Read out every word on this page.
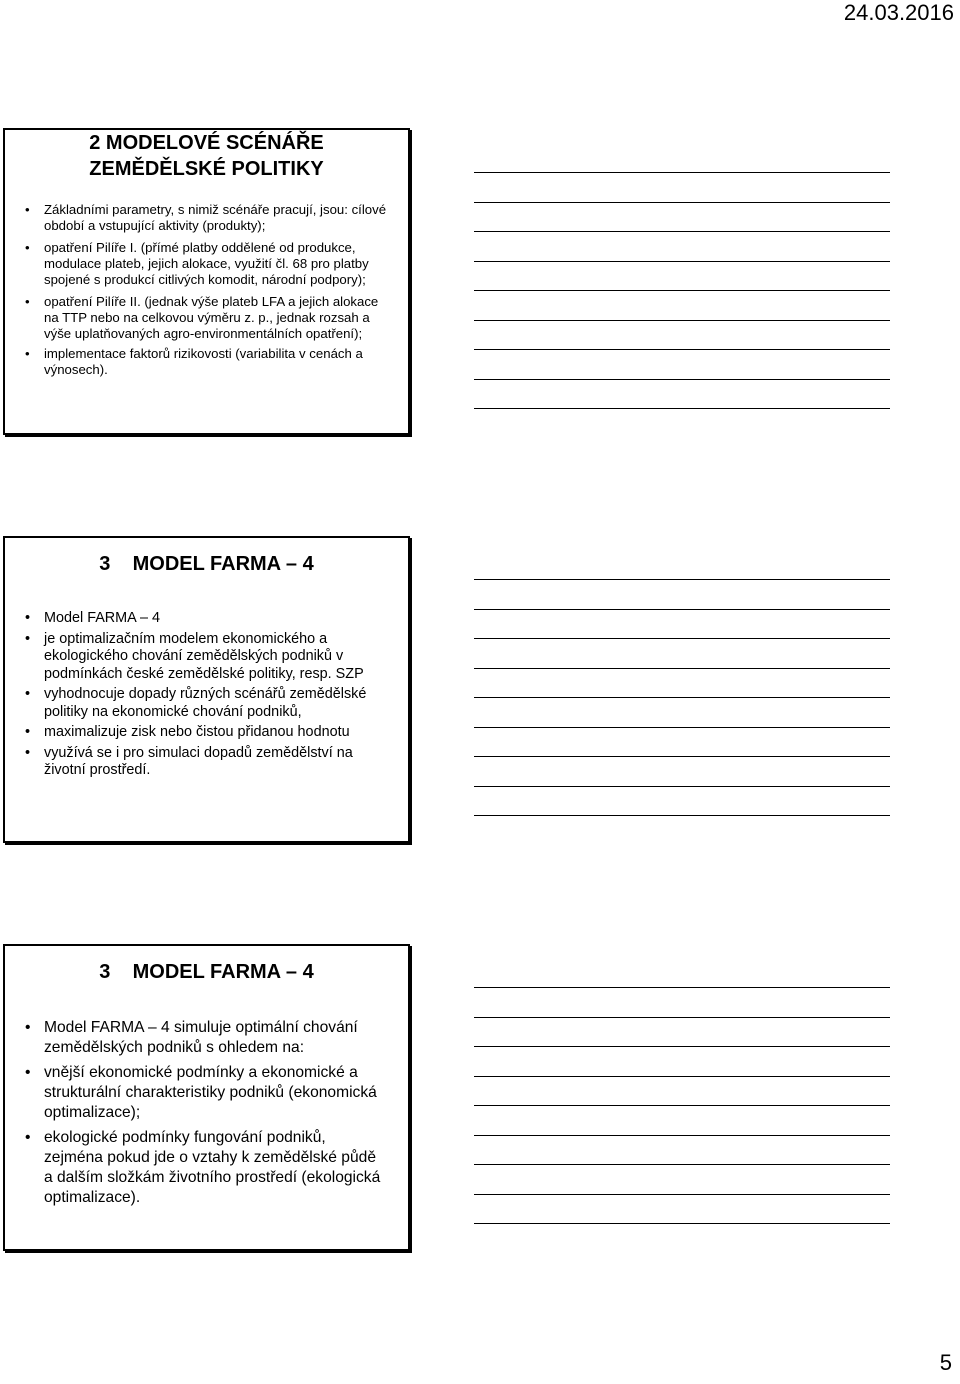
24.03.2016
2 MODELOVÉ SCÉNÁŘE
ZEMĚDĚLSKÉ POLITIKY
• Základními parametry, s nimiž scénáře pracují, jsou: cílové období a vstupující aktivity (produkty);
• opatření Pilíře I. (přímé platby oddělené od produkce, modulace plateb, jejich alokace, využití čl. 68 pro platby spojené s produkcí citlivých komodit, národní podpory);
• opatření Pilíře II. (jednak výše plateb LFA a jejich alokace na TTP nebo na celkovou výměru z. p., jednak rozsah a výše uplatňovaných agro-environmentálních opatření);
• implementace faktorů rizikovosti (variabilita v cenách a výnosech).
3    MODEL FARMA – 4
• Model FARMA – 4
• je optimalizačním modelem ekonomického a ekologického chování zemědělských podniků v podmínkách české zemědělské politiky, resp. SZP
• vyhodnocuje dopady různých scénářů zemědělské politiky na ekonomické chování podniků,
• maximalizuje zisk nebo čistou přidanou hodnotu
• využívá se i pro simulaci dopadů zemědělství na životní prostředí.
3    MODEL FARMA – 4
• Model FARMA – 4 simuluje optimální chování zemědělských podniků s ohledem na:
• vnější ekonomické podmínky a ekonomické a strukturální charakteristiky podniků (ekonomická optimalizace);
• ekologické podmínky fungování podniků, zejména pokud jde o vztahy k zemědělské půdě a dalším složkám životního prostředí (ekologická optimalizace).
5
